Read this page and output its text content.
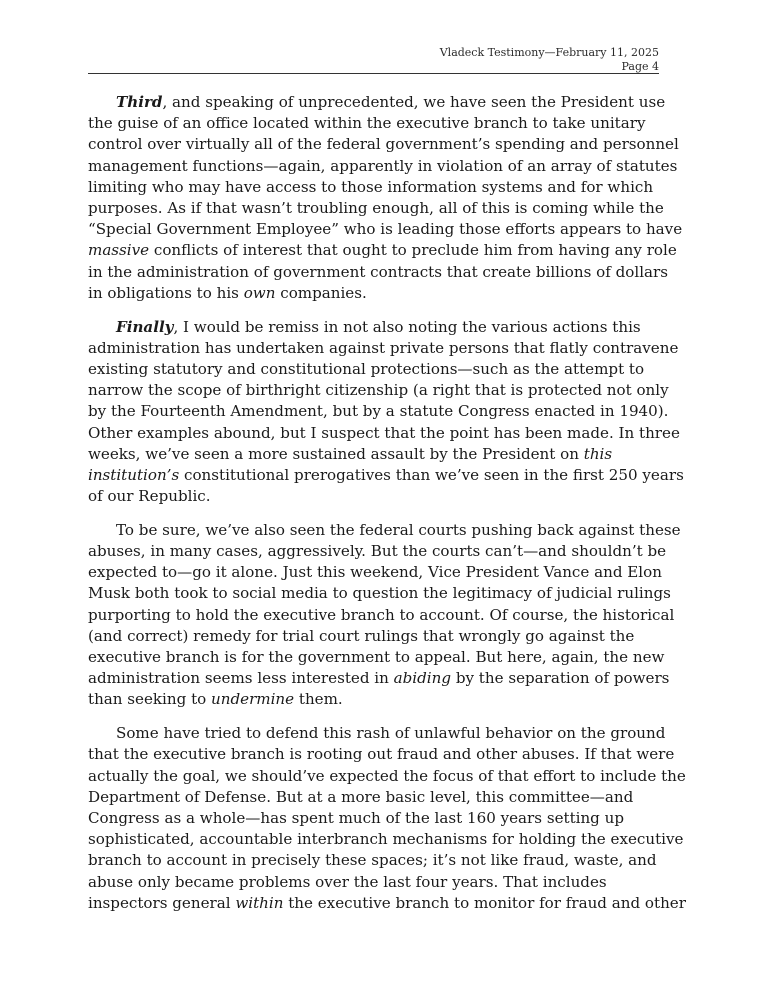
Vladeck Testimony—February 11, 2025
Page 4

Third, and speaking of unprecedented, we have seen the President use
the guise of an office located within the executive branch to take unitary
control over virtually all of the federal government’s spending and personnel
management functions—again, apparently in violation of an array of statutes
limiting who may have access to those information systems and for which
purposes. As if that wasn’t troubling enough, all of this is coming while the
“Special Government Employee” who is leading those efforts appears to have
massive conflicts of interest that ought to preclude him from having any role
in the administration of government contracts that create billions of dollars
in obligations to his own companies.

Finally, I would be remiss in not also noting the various actions this
administration has undertaken against private persons that flatly contravene
existing statutory and constitutional protections—such as the attempt to
narrow the scope of birthright citizenship (a right that is protected not only
by the Fourteenth Amendment, but by a statute Congress enacted in 1940).
Other examples abound, but I suspect that the point has been made. In three
weeks, we’ve seen a more sustained assault by the President on this
institution’s constitutional prerogatives than we’ve seen in the first 250 years
of our Republic.

To be sure, we’ve also seen the federal courts pushing back against these
abuses, in many cases, aggressively. But the courts can’t—and shouldn’t be
expected to—go it alone. Just this weekend, Vice President Vance and Elon
Musk both took to social media to question the legitimacy of judicial rulings
purporting to hold the executive branch to account. Of course, the historical
(and correct) remedy for trial court rulings that wrongly go against the
executive branch is for the government to appeal. But here, again, the new
administration seems less interested in abiding by the separation of powers
than seeking to undermine them.

Some have tried to defend this rash of unlawful behavior on the ground
that the executive branch is rooting out fraud and other abuses. If that were
actually the goal, we should’ve expected the focus of that effort to include the
Department of Defense. But at a more basic level, this committee—and
Congress as a whole—has spent much of the last 160 years setting up
sophisticated, accountable interbranch mechanisms for holding the executive
branch to account in precisely these spaces; it’s not like fraud, waste, and
abuse only became problems over the last four years. That includes
inspectors general within the executive branch to monitor for fraud and other
